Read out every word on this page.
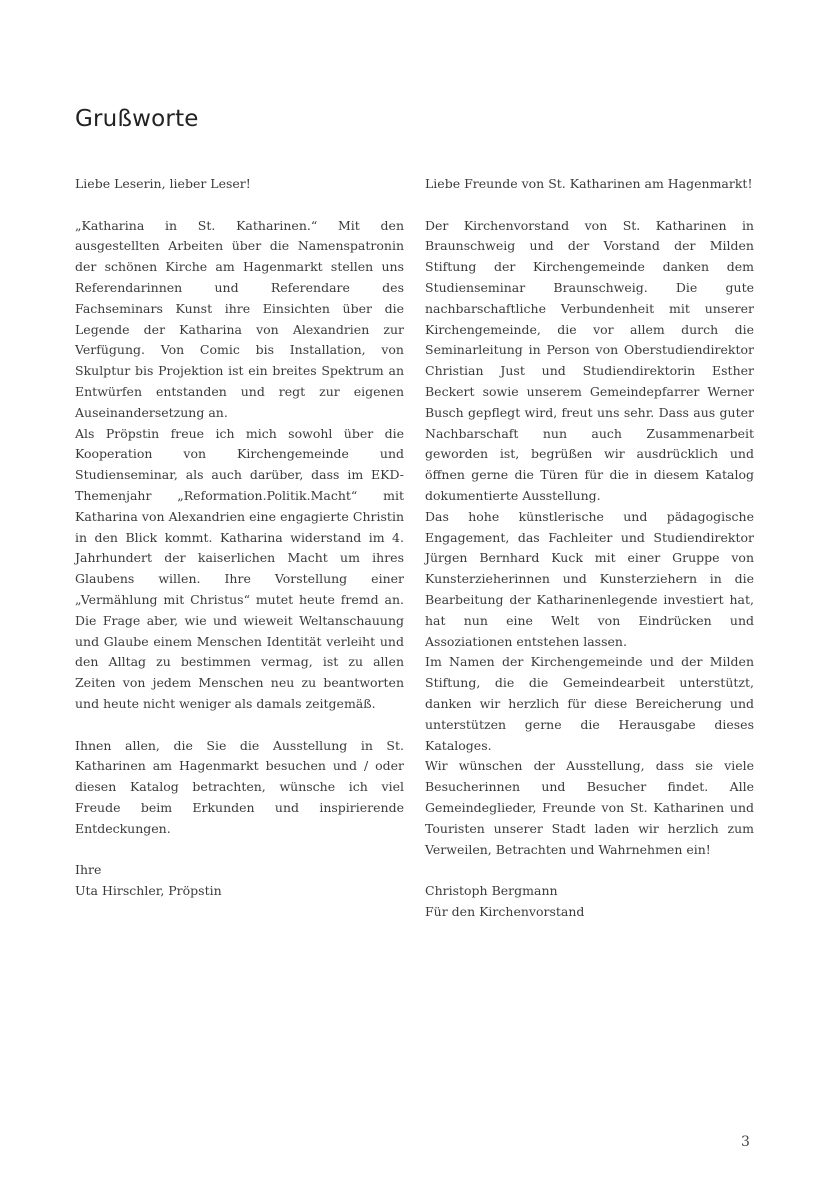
Grußworte

Liebe Leserin, lieber Leser!

„Katharina in St. Katharinen.“ Mit den ausgestellten Arbeiten über die Namenspatronin der schönen Kirche am Hagenmarkt stellen uns Referendarinnen und Referendare des Fachseminars Kunst ihre Einsichten über die Legende der Katharina von Alexandrien zur Verfügung. Von Comic bis Installation, von Skulptur bis Projektion ist ein breites Spektrum an Entwürfen entstanden und regt zur eigenen Auseinandersetzung an.

Als Pröpstin freue ich mich sowohl über die Kooperation von Kirchengemeinde und Studienseminar, als auch darüber, dass im EKD-Themenjahr „Reformation.Politik.Macht“ mit Katharina von Alexandrien eine engagierte Christin in den Blick kommt. Katharina widerstand im 4. Jahrhundert der kaiserlichen Macht um ihres Glaubens willen. Ihre Vorstellung einer „Vermählung mit Christus“ mutet heute fremd an. Die Frage aber, wie und wieweit Weltanschauung und Glaube einem Menschen Identität verleiht und den Alltag zu bestimmen vermag, ist zu allen Zeiten von jedem Menschen neu zu beantworten und heute nicht weniger als damals zeitgemäß.

Ihnen allen, die Sie die Ausstellung in St. Katharinen am Hagenmarkt besuchen und / oder diesen Katalog betrachten, wünsche ich viel Freude beim Erkunden und inspirierende Entdeckungen.

Ihre

Uta Hirschler, Pröpstin

Liebe Freunde von St. Katharinen am Hagenmarkt!

Der Kirchenvorstand von St. Katharinen in Braunschweig und der Vorstand der Milden Stiftung der Kirchengemeinde danken dem Studienseminar Braunschweig. Die gute nachbarschaftliche Verbundenheit mit unserer Kirchengemeinde, die vor allem durch die Seminarleitung in Person von Oberstudiendirektor Christian Just und Studiendirektorin Esther Beckert sowie unserem Gemeindepfarrer Werner Busch gepflegt wird, freut uns sehr. Dass aus guter Nachbarschaft nun auch Zusammenarbeit geworden ist, begrüßen wir ausdrücklich und öffnen gerne die Türen für die in diesem Katalog dokumentierte Ausstellung.

Das hohe künstlerische und pädagogische Engagement, das Fachleiter und Studiendirektor Jürgen Bernhard Kuck mit einer Gruppe von Kunsterzieherinnen und Kunsterziehern in die Bearbeitung der Katharinenlegende investiert hat, hat nun eine Welt von Eindrücken und Assoziationen entstehen lassen.

Im Namen der Kirchengemeinde und der Milden Stiftung, die die Gemeindearbeit unterstützt, danken wir herzlich für diese Bereicherung und unterstützen gerne die Herausgabe dieses Kataloges.

Wir wünschen der Ausstellung, dass sie viele Besucherinnen und Besucher findet. Alle Gemeindeglieder, Freunde von St. Katharinen und Touristen unserer Stadt laden wir herzlich zum Verweilen, Betrachten und Wahrnehmen ein!

Christoph Bergmann

Für den Kirchenvorstand

3
